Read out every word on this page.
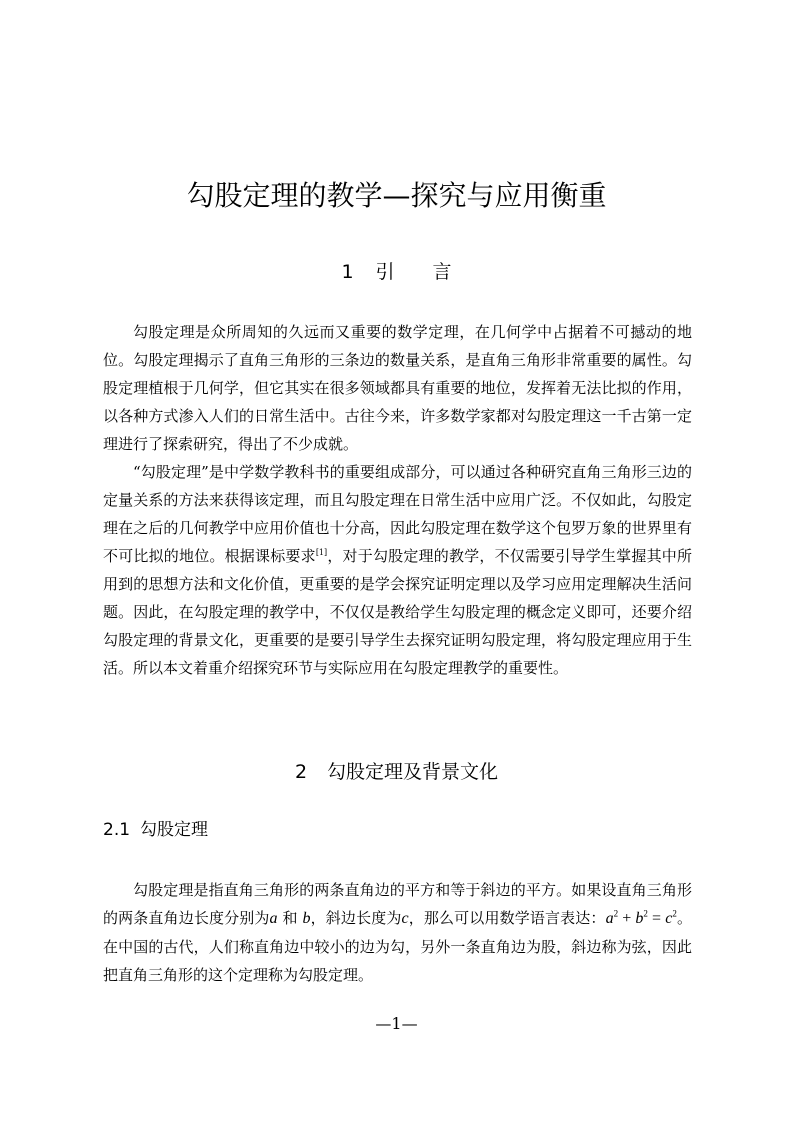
勾股定理的教学—探究与应用衡重
1 引言

勾股定理是众所周知的久远而又重要的数学定理，在几何学中占据着不可撼动的地位。勾股定理揭示了直角三角形的三条边的数量关系，是直角三角形非常重要的属性。勾股定理植根于几何学，但它其实在很多领域都具有重要的地位，发挥着无法比拟的作用，以各种方式渗入人们的日常生活中。古往今来，许多数学家都对勾股定理这一千古第一定理进行了探索研究，得出了不少成就。

“勾股定理”是中学数学教科书的重要组成部分，可以通过各种研究直角三角形三边的定量关系的方法来获得该定理，而且勾股定理在日常生活中应用广泛。不仅如此，勾股定理在之后的几何教学中应用价值也十分高，因此勾股定理在数学这个包罗万象的世界里有不可比拟的地位。根据课标要求[1]，对于勾股定理的教学，不仅需要引导学生掌握其中所用到的思想方法和文化价值，更重要的是学会探究证明定理以及学习应用定理解决生活问题。因此，在勾股定理的教学中，不仅仅是教给学生勾股定理的概念定义即可，还要介绍勾股定理的背景文化，更重要的是要引导学生去探究证明勾股定理，将勾股定理应用于生活。所以本文着重介绍探究环节与实际应用在勾股定理教学的重要性。

2 勾股定理及背景文化
2.1 勾股定理

勾股定理是指直角三角形的两条直角边的平方和等于斜边的平方。如果设直角三角形的两条直角边长度分别为a 和 b，斜边长度为c，那么可以用数学语言表达：$a^2 + b^2 = c^2$。在中国的古代，人们称直角边中较小的边为勾，另外一条直角边为股，斜边称为弦，因此把直角三角形的这个定理称为勾股定理。

—1—
